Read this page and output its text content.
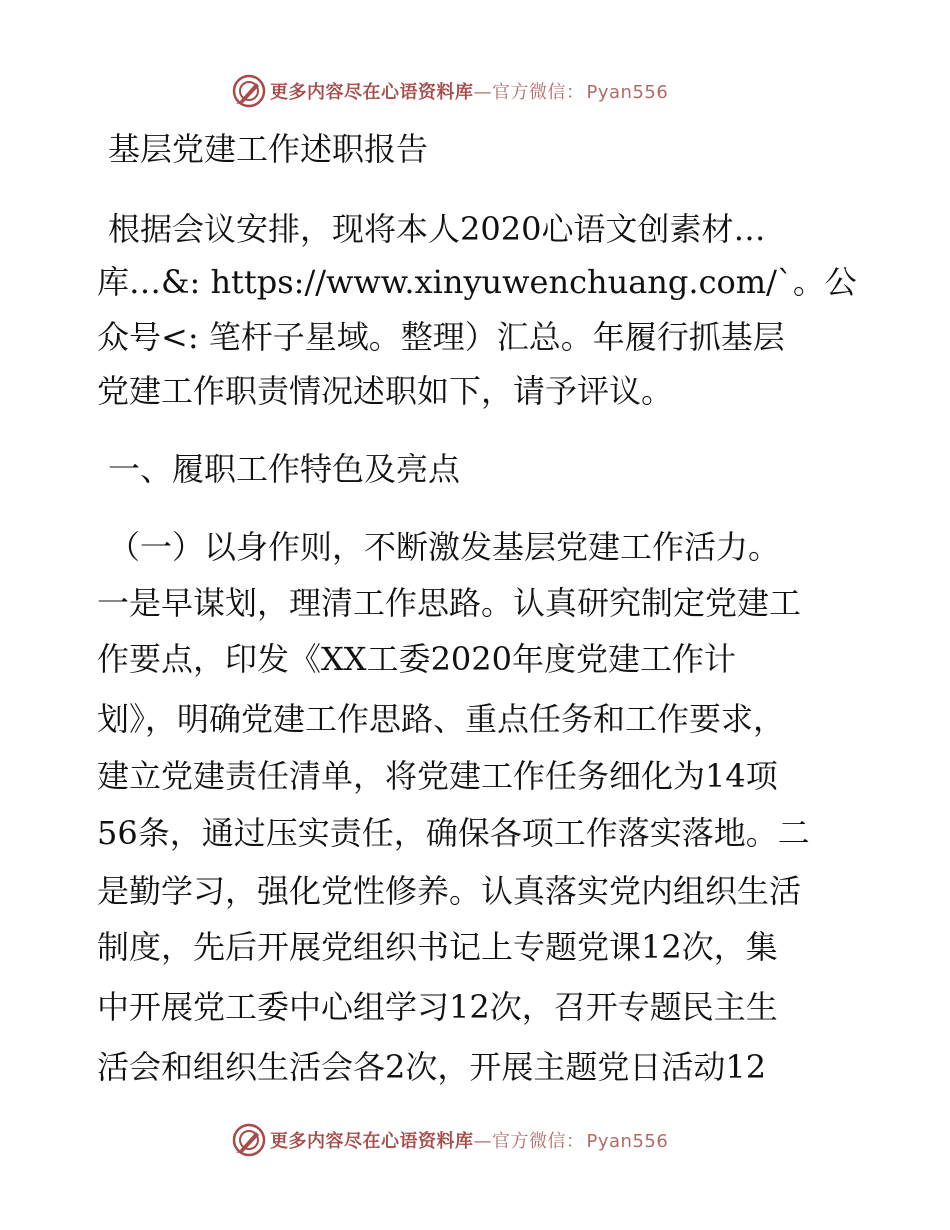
更多内容尽在心语资料库—官方微信： Pyan556
基层党建工作述职报告
根据会议安排，现将本人2020心语文创素材…
库…&: https://www.xinyuwenchuang.com/`。公
众号<: 笔杆子星域。整理）汇总。年履行抓基层
党建工作职责情况述职如下，请予评议。
一、履职工作特色及亮点
（一）以身作则，不断激发基层党建工作活力。
一是早谋划，理清工作思路。认真研究制定党建工
作要点，印发《XX工委2020年度党建工作计
划》，明确党建工作思路、重点任务和工作要求，
建立党建责任清单，将党建工作任务细化为14项
56条，通过压实责任，确保各项工作落实落地。二
是勤学习，强化党性修养。认真落实党内组织生活
制度，先后开展党组织书记上专题党课12次，集
中开展党工委中心组学习12次，召开专题民主生
活会和组织生活会各2次，开展主题党日活动12
更多内容尽在心语资料库—官方微信： Pyan556
